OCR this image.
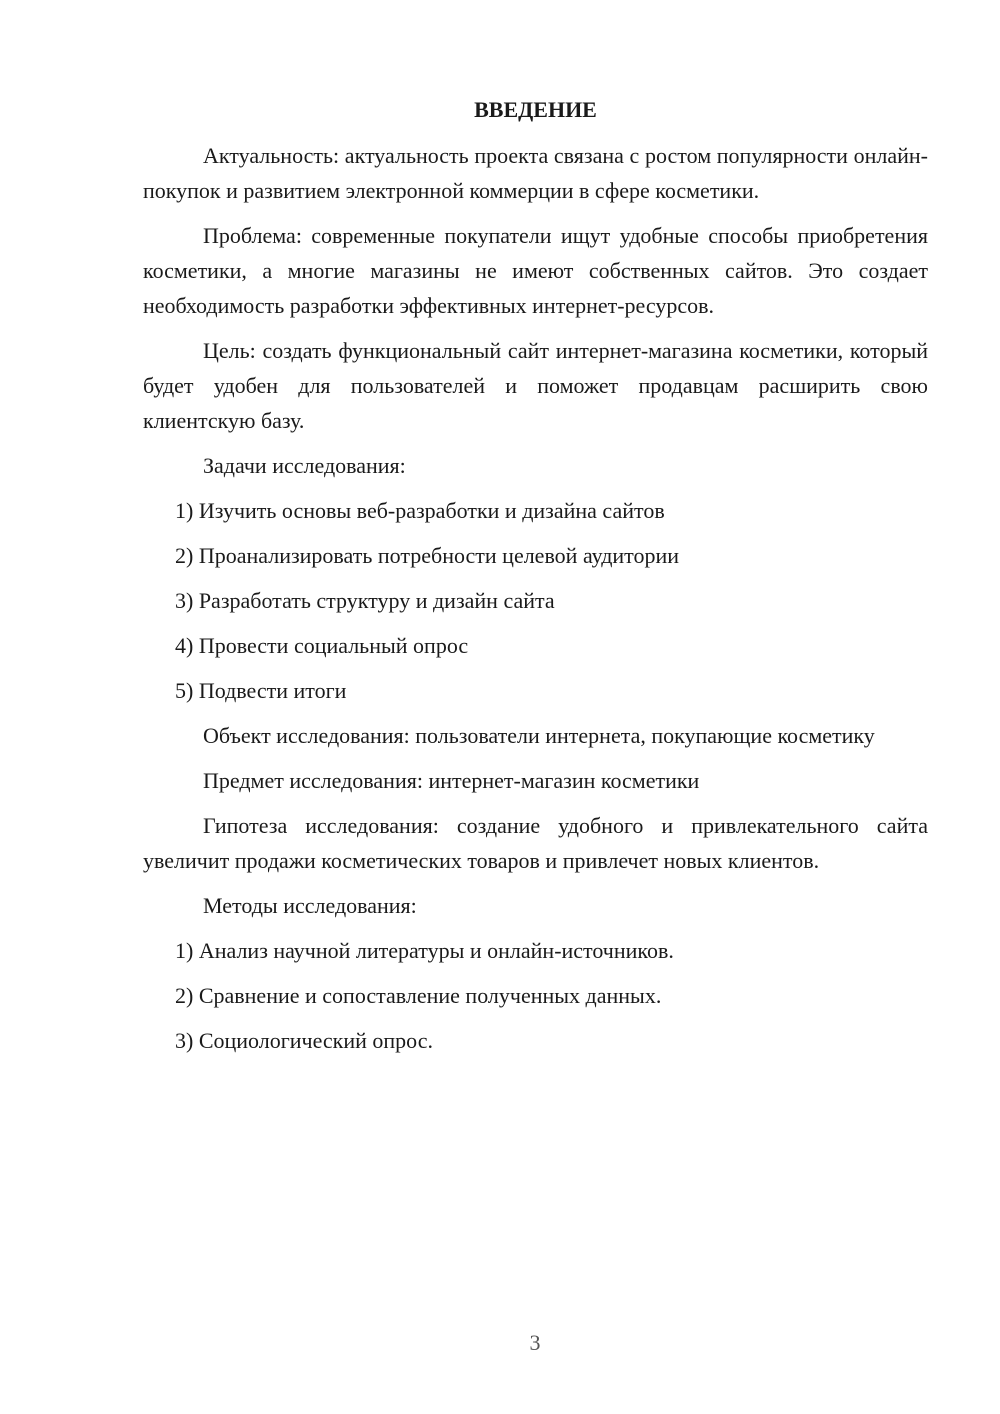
ВВЕДЕНИЕ

Актуальность: актуальность проекта связана с ростом популярности онлайн-покупок и развитием электронной коммерции в сфере косметики.

Проблема: современные покупатели ищут удобные способы приобретения косметики, а многие магазины не имеют собственных сайтов. Это создает необходимость разработки эффективных интернет-ресурсов.

Цель: создать функциональный сайт интернет-магазина косметики, который будет удобен для пользователей и поможет продавцам расширить свою клиентскую базу.

Задачи исследования:

1) Изучить основы веб-разработки и дизайна сайтов

2) Проанализировать потребности целевой аудитории

3) Разработать структуру и дизайн сайта

4) Провести социальный опрос

5) Подвести итоги

Объект исследования: пользователи интернета, покупающие косметику

Предмет исследования: интернет-магазин косметики

Гипотеза исследования: создание удобного и привлекательного сайта увеличит продажи косметических товаров и привлечет новых клиентов.

Методы исследования:

1) Анализ научной литературы и онлайн-источников.

2) Сравнение и сопоставление полученных данных.

3) Социологический опрос.

3
